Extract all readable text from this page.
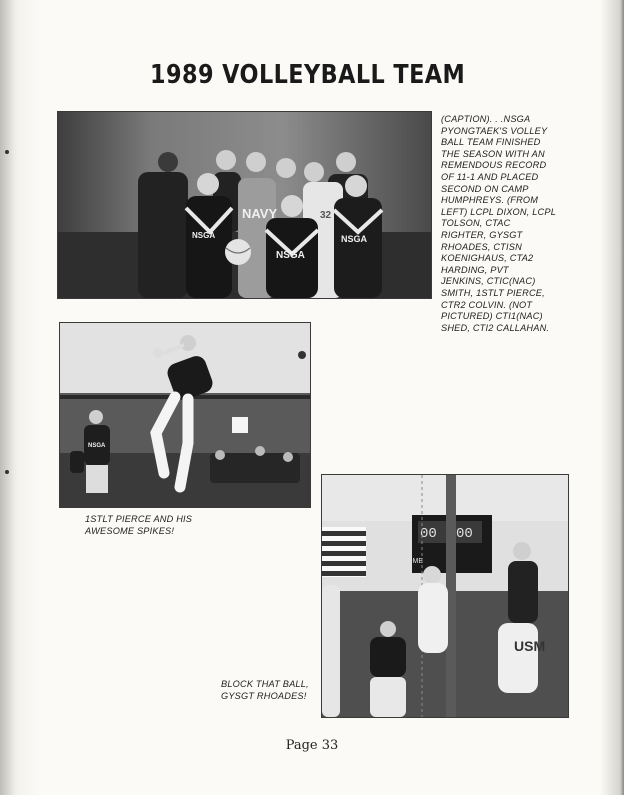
1989 VOLLEYBALL TEAM
NAVY
NSGA
NSGA
NSGA
32
(CAPTION). . .NSGA
PYONGTAEK'S VOLLEY
BALL TEAM FINISHED
THE SEASON WITH AN
REMENDOUS RECORD
OF 11-1 AND PLACED
SECOND ON CAMP
HUMPHREYS. (FROM
LEFT) LCPL DIXON, LCPL
TOLSON, CTAC
RIGHTER, GYSGT
RHOADES, CTISN
KOENIGHAUS, CTA2
HARDING, PVT
JENKINS, CTIC(NAC)
SMITH, 1STLT PIERCE,
CTR2 COLVIN. (NOT
PICTURED) CTI1(NAC)
SHED, CTI2 CALLAHAN.
NSGA
1STLT PIERCE AND HIS
AWESOME SPIKES!	00 00
HOME
USM
BLOCK THAT BALL,
GYSGT RHOADES!
Page 33
